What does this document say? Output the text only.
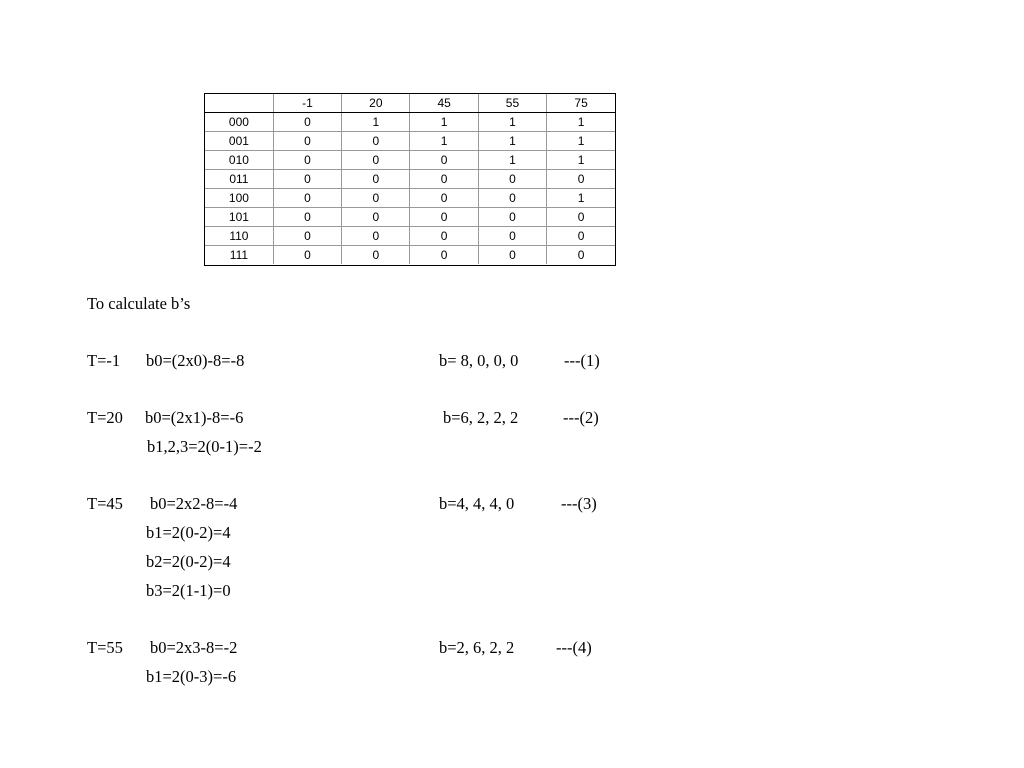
	-1	20	45	55	75
000	0	1	1	1	1
001	0	0	1	1	1
010	0	0	0	1	1
011	0	0	0	0	0
100	0	0	0	0	1
101	0	0	0	0	0
110	0	0	0	0	0
111	0	0	0	0	0
To calculate b’s
T=-1 b0=(2x0)-8=-8	b= 8, 0, 0, 0	---(1)
T=20 b0=(2x1)-8=-6	b=6, 2, 2, 2	---(2)
b1,2,3=2(0-1)=-2
T=45 b0=2x2-8=-4	b=4, 4, 4, 0	---(3)
b1=2(0-2)=4
b2=2(0-2)=4
b3=2(1-1)=0
T=55 b0=2x3-8=-2	b=2, 6, 2, 2	---(4)
b1=2(0-3)=-6
